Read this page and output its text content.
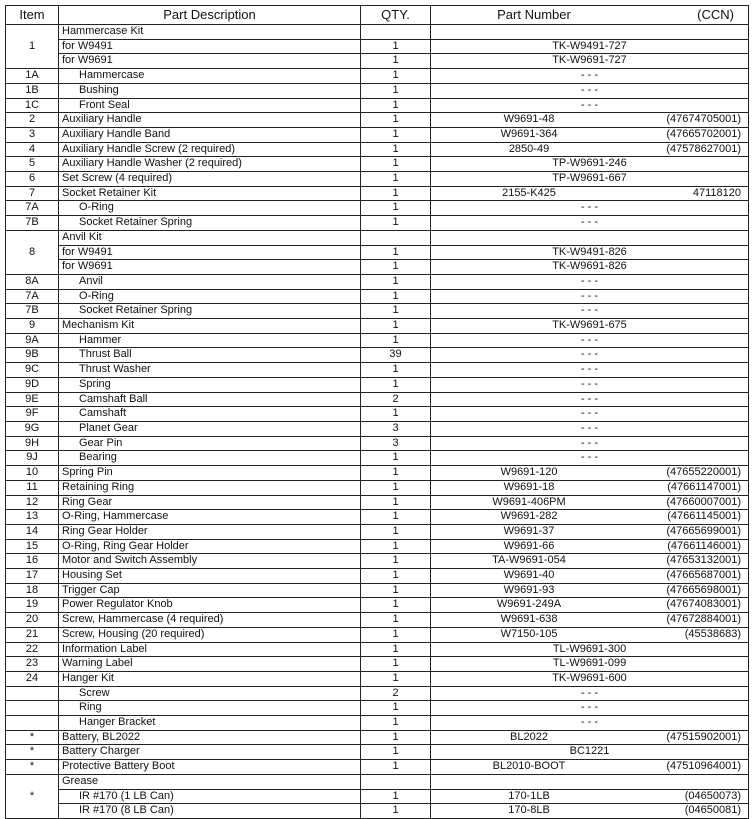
Item	Part Description	QTY.	Part Number (CCN)
1	Hammercase Kit		

	for W9491	1	TK-W9491-727

	for W9691	1	TK-W9691-727

1A	Hammercase	1	- - -

1B	Bushing	1	- - -

1C	Front Seal	1	- - -

2	Auxiliary Handle	1	W9691-48 (47674705001)

3	Auxiliary Handle Band	1	W9691-364 (47665702001)

4	Auxiliary Handle Screw (2 required)	1	2850-49 (47578627001)

5	Auxiliary Handle Washer (2 required)	1	TP-W9691-246

6	Set Screw (4 required)	1	TP-W9691-667

7	Socket Retainer Kit	1	2155-K425 47118120

7A	O-Ring	1	- - -

7B	Socket Retainer Spring	1	- - -

8	Anvil Kit		

	for W9491	1	TK-W9491-826

	for W9691	1	TK-W9691-826

8A	Anvil	1	- - -

7A	O-Ring	1	- - -

7B	Socket Retainer Spring	1	- - -

9	Mechanism Kit	1	TK-W9691-675

9A	Hammer	1	- - -

9B	Thrust Ball	39	- - -

9C	Thrust Washer	1	- - -

9D	Spring	1	- - -

9E	Camshaft Ball	2	- - -

9F	Camshaft	1	- - -

9G	Planet Gear	3	- - -

9H	Gear Pin	3	- - -

9J	Bearing	1	- - -

10	Spring Pin	1	W9691-120 (47655220001)

11	Retaining Ring	1	W9691-18 (47661147001)

12	Ring Gear	1	W9691-406PM (47660007001)

13	O-Ring, Hammercase	1	W9691-282 (47661145001)

14	Ring Gear Holder	1	W9691-37 (47665699001)

15	O-Ring, Ring Gear Holder	1	W9691-66 (47661146001)

16	Motor and Switch Assembly	1	TA-W9691-054 (47653132001)

17	Housing Set	1	W9691-40 (47665687001)

18	Trigger Cap	1	W9691-93 (47665698001)

19	Power Regulator Knob	1	W9691-249A (47674083001)

20	Screw, Hammercase (4 required)	1	W9691-638 (47672884001)

21	Screw, Housing (20 required)	1	W7150-105 (45538683)

22	Information Label	1	TL-W9691-300

23	Warning Label	1	TL-W9691-099

24	Hanger Kit	1	TK-W9691-600

	Screw	2	- - -

	Ring	1	- - -

	Hanger Bracket	1	- - -

*	Battery, BL2022	1	BL2022 (47515902001)

*	Battery Charger	1	BC1221

*	Protective Battery Boot	1	BL2010-BOOT (47510964001)

*	Grease		

	IR #170 (1 LB Can)	1	170-1LB (04650073)

	IR #170 (8 LB Can)	1	170-8LB (04650081)
